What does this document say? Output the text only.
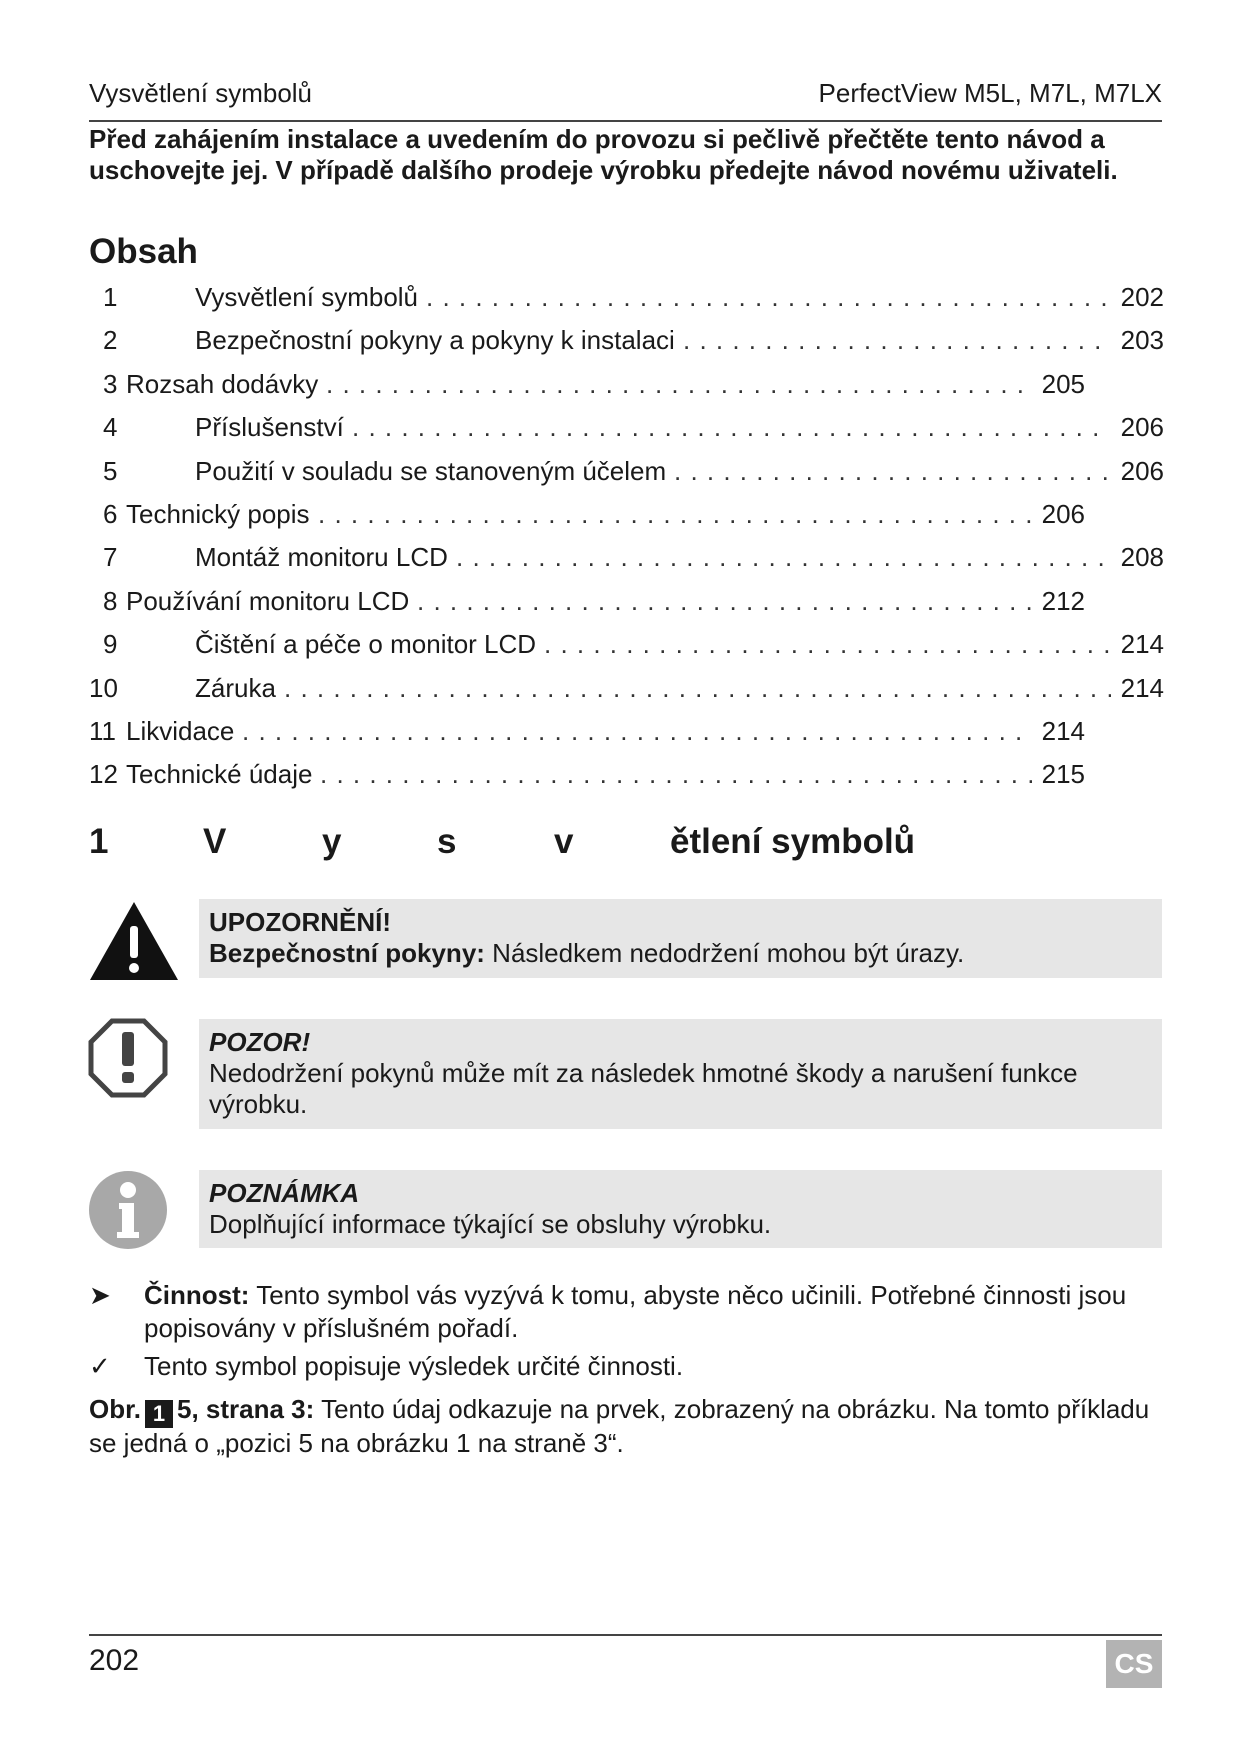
Vysvětlení symbolů	PerfectView M5L, M7L, M7LX
Před zahájením instalace a uvedením do provozu si pečlivě přečtěte tento návod a uschovejte jej. V případě dalšího prodeje výrobku předejte návod novému uživateli.
Obsah
1	Vysvětlení symbolů . . .	202
2	Bezpečnostní pokyny a pokyny k instalaci . . .	203
3 Rozsah dodávky . . .	205
4	Příslušenství . . .	206
5	Použití v souladu se stanoveným účelem . . .	206
6 Technický popis . . .	206
7	Montáž monitoru LCD . . .	208
8 Používání monitoru LCD . . .	212
9	Čištění a péče o monitor LCD . . .	214
10	Záruka . . .	214
11 Likvidace . . .	214
12 Technické údaje . . .	215
1	V	y	s	v	ětlení symbolů
UPOZORNĚNÍ!
Bezpečnostní pokyny: Následkem nedodržení mohou být úrazy.
POZOR!
Nedodržení pokynů může mít za následek hmotné škody a narušení funkce výrobku.
POZNÁMKA
Doplňující informace týkající se obsluhy výrobku.
➤ Činnost: Tento symbol vás vyzývá k tomu, abyste něco učinili. Potřebné činnosti jsou popisovány v příslušném pořadí.
✓ Tento symbol popisuje výsledek určité činnosti.
Obr. 1 5, strana 3: Tento údaj odkazuje na prvek, zobrazený na obrázku. Na tomto příkladu se jedná o „pozici 5 na obrázku 1 na straně 3“.
202	CS
